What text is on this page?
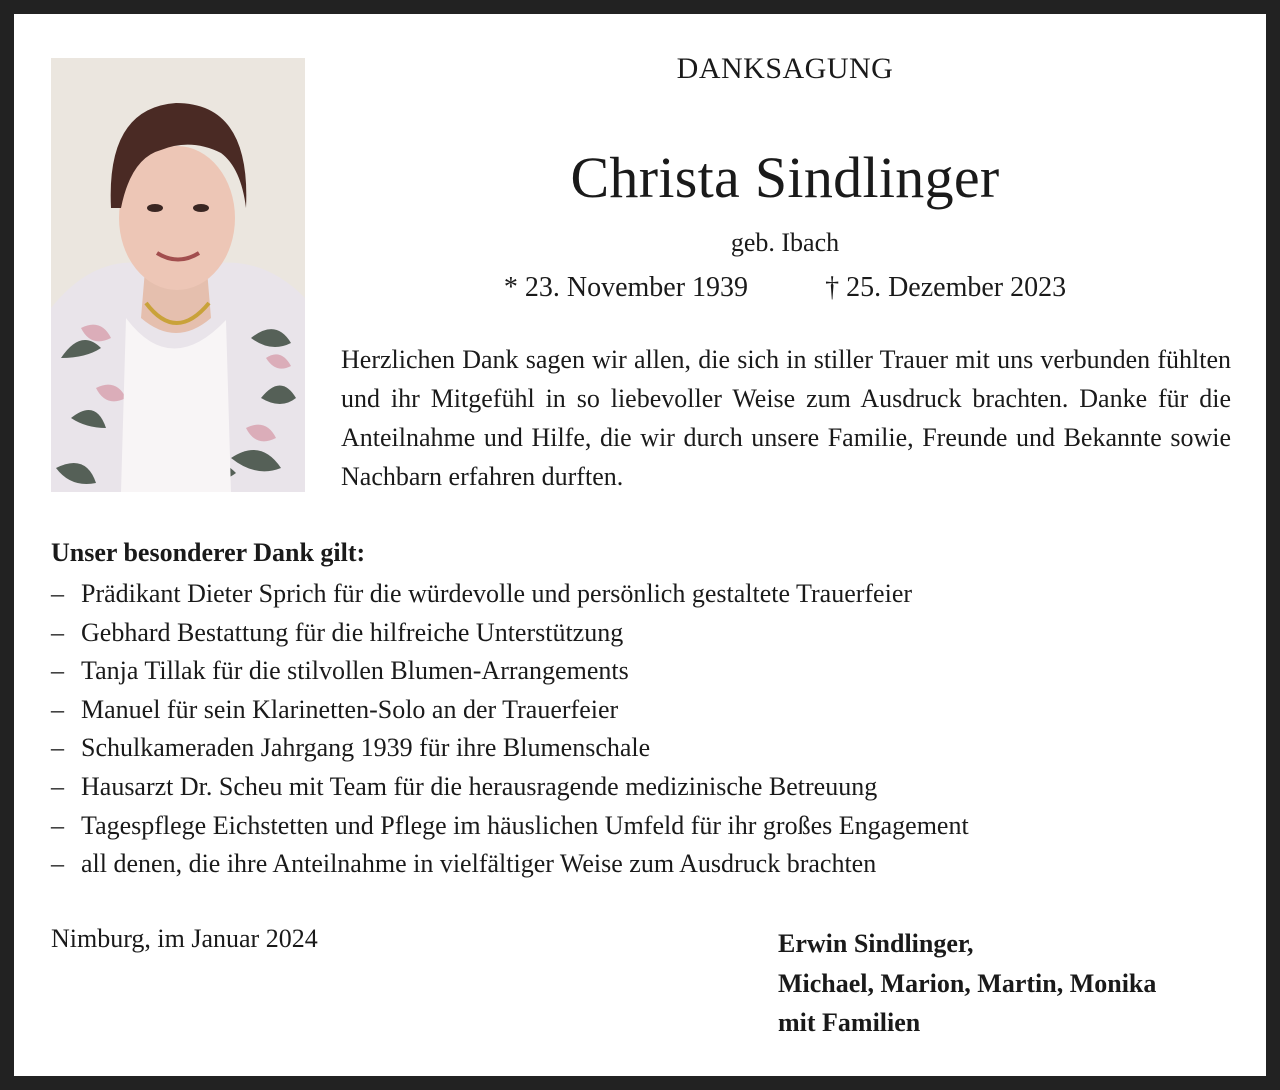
DANKSAGUNG
Christa Sindlinger
geb. Ibach
* 23. November 1939	† 25. Dezember 2023

Herzlichen Dank sagen wir allen, die sich in stiller Trauer mit uns verbunden fühlten und ihr Mitgefühl in so liebevoller Weise zum Ausdruck brachten. Danke für die Anteilnahme und Hilfe, die wir durch unsere Familie, Freunde und Bekannte sowie Nachbarn erfahren durften.

Unser besonderer Dank gilt:

– Prädikant Dieter Sprich für die würdevolle und persönlich gestaltete Trauerfeier
– Gebhard Bestattung für die hilfreiche Unterstützung
– Tanja Tillak für die stilvollen Blumen-Arrangements
– Manuel für sein Klarinetten-Solo an der Trauerfeier
– Schulkameraden Jahrgang 1939 für ihre Blumenschale
– Hausarzt Dr. Scheu mit Team für die herausragende medizinische Betreuung
– Tagespflege Eichstetten und Pflege im häuslichen Umfeld für ihr großes Engagement
– all denen, die ihre Anteilnahme in vielfältiger Weise zum Ausdruck brachten
Nimburg, im Januar 2024	Erwin Sindlinger,
Michael, Marion, Martin, Monika
mit Familien
